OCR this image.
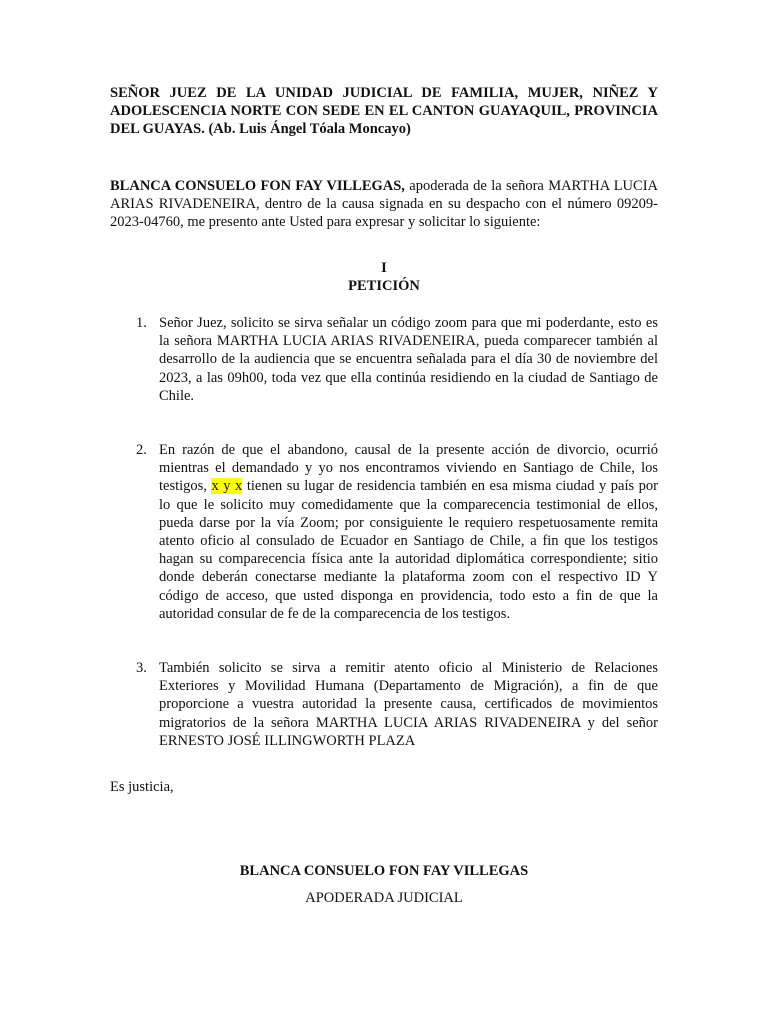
SEÑOR JUEZ DE LA UNIDAD JUDICIAL DE FAMILIA, MUJER, NIÑEZ Y ADOLESCENCIA NORTE CON SEDE EN EL CANTON GUAYAQUIL, PROVINCIA DEL GUAYAS. (Ab. Luis Ángel Tóala Moncayo)
BLANCA CONSUELO FON FAY VILLEGAS, apoderada de la señora MARTHA LUCIA ARIAS RIVADENEIRA, dentro de la causa signada en su despacho con el número 09209-2023-04760, me presento ante Usted para expresar y solicitar lo siguiente:
I
PETICIÓN
1. Señor Juez, solicito se sirva señalar un código zoom para que mi poderdante, esto es la señora MARTHA LUCIA ARIAS RIVADENEIRA, pueda comparecer también al desarrollo de la audiencia que se encuentra señalada para el día 30 de noviembre del 2023, a las 09h00, toda vez que ella continúa residiendo en la ciudad de Santiago de Chile.
2. En razón de que el abandono, causal de la presente acción de divorcio, ocurrió mientras el demandado y yo nos encontramos viviendo en Santiago de Chile, los testigos, x y x tienen su lugar de residencia también en esa misma ciudad y país por lo que le solicito muy comedidamente que la comparecencia testimonial de ellos, pueda darse por la vía Zoom; por consiguiente le requiero respetuosamente remita atento oficio al consulado de Ecuador en Santiago de Chile, a fin que los testigos hagan su comparecencia física ante la autoridad diplomática correspondiente; sitio donde deberán conectarse mediante la plataforma zoom con el respectivo ID Y código de acceso, que usted disponga en providencia, todo esto a fin de que la autoridad consular de fe de la comparecencia de los testigos.
3. También solicito se sirva a remitir atento oficio al Ministerio de Relaciones Exteriores y Movilidad Humana (Departamento de Migración), a fin de que proporcione a vuestra autoridad la presente causa, certificados de movimientos migratorios de la señora MARTHA LUCIA ARIAS RIVADENEIRA y del señor ERNESTO JOSÉ ILLINGWORTH PLAZA
Es justicia,
BLANCA CONSUELO FON FAY VILLEGAS
APODERADA JUDICIAL
